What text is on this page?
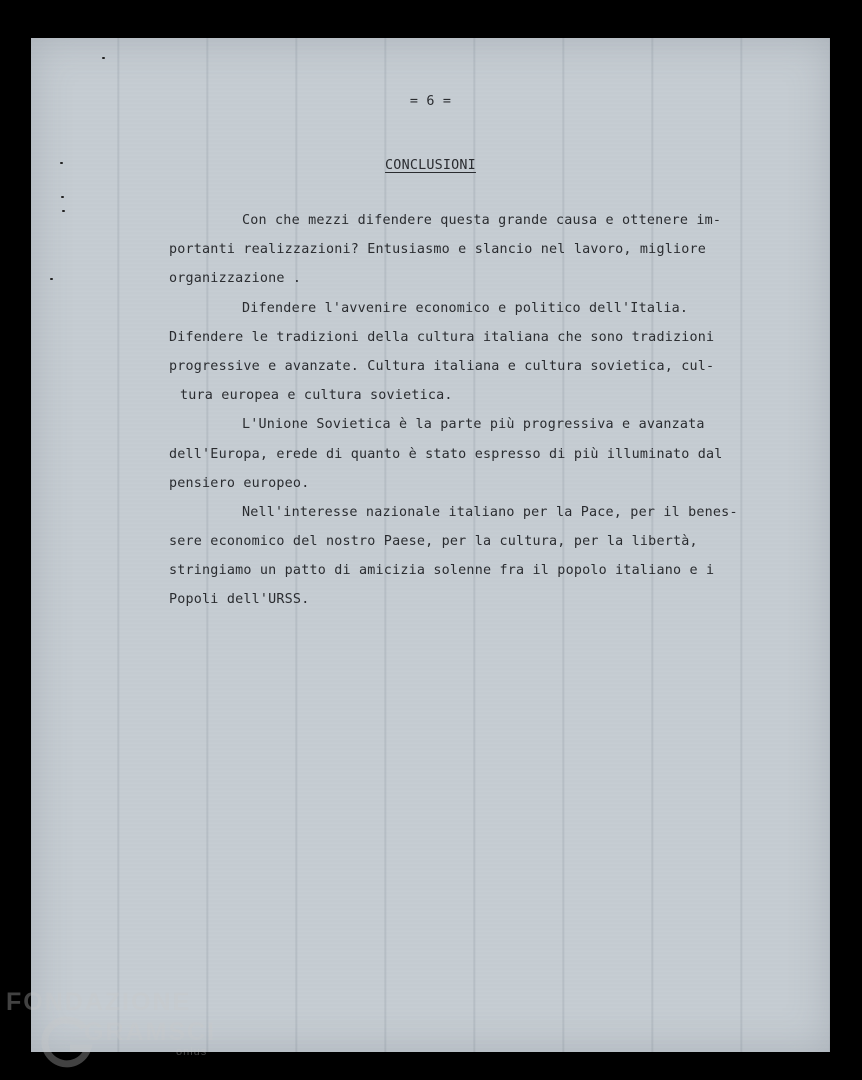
= 6 =
CONCLUSIONI
Con che mezzi difendere questa grande causa e ottenere im-
portanti realizzazioni? Entusiasmo e slancio nel lavoro, migliore
organizzazione .
Difendere l'avvenire economico e politico dell'Italia.
Difendere le tradizioni della cultura italiana che sono tradizioni
progressive e avanzate. Cultura italiana e cultura sovietica, cul-
tura europea e cultura sovietica.
L'Unione Sovietica è la parte più progressiva e avanzata
dell'Europa, erede di quanto è stato espresso di più illuminato dal
pensiero europeo.
Nell'interesse nazionale italiano per la Pace, per il benes-
sere economico del nostro Paese, per la cultura, per la libertà,
stringiamo un patto di amicizia solenne fra il popolo italiano e i
Popoli dell'URSS.
FONDAZIONE
GRAMSCI
onlus
